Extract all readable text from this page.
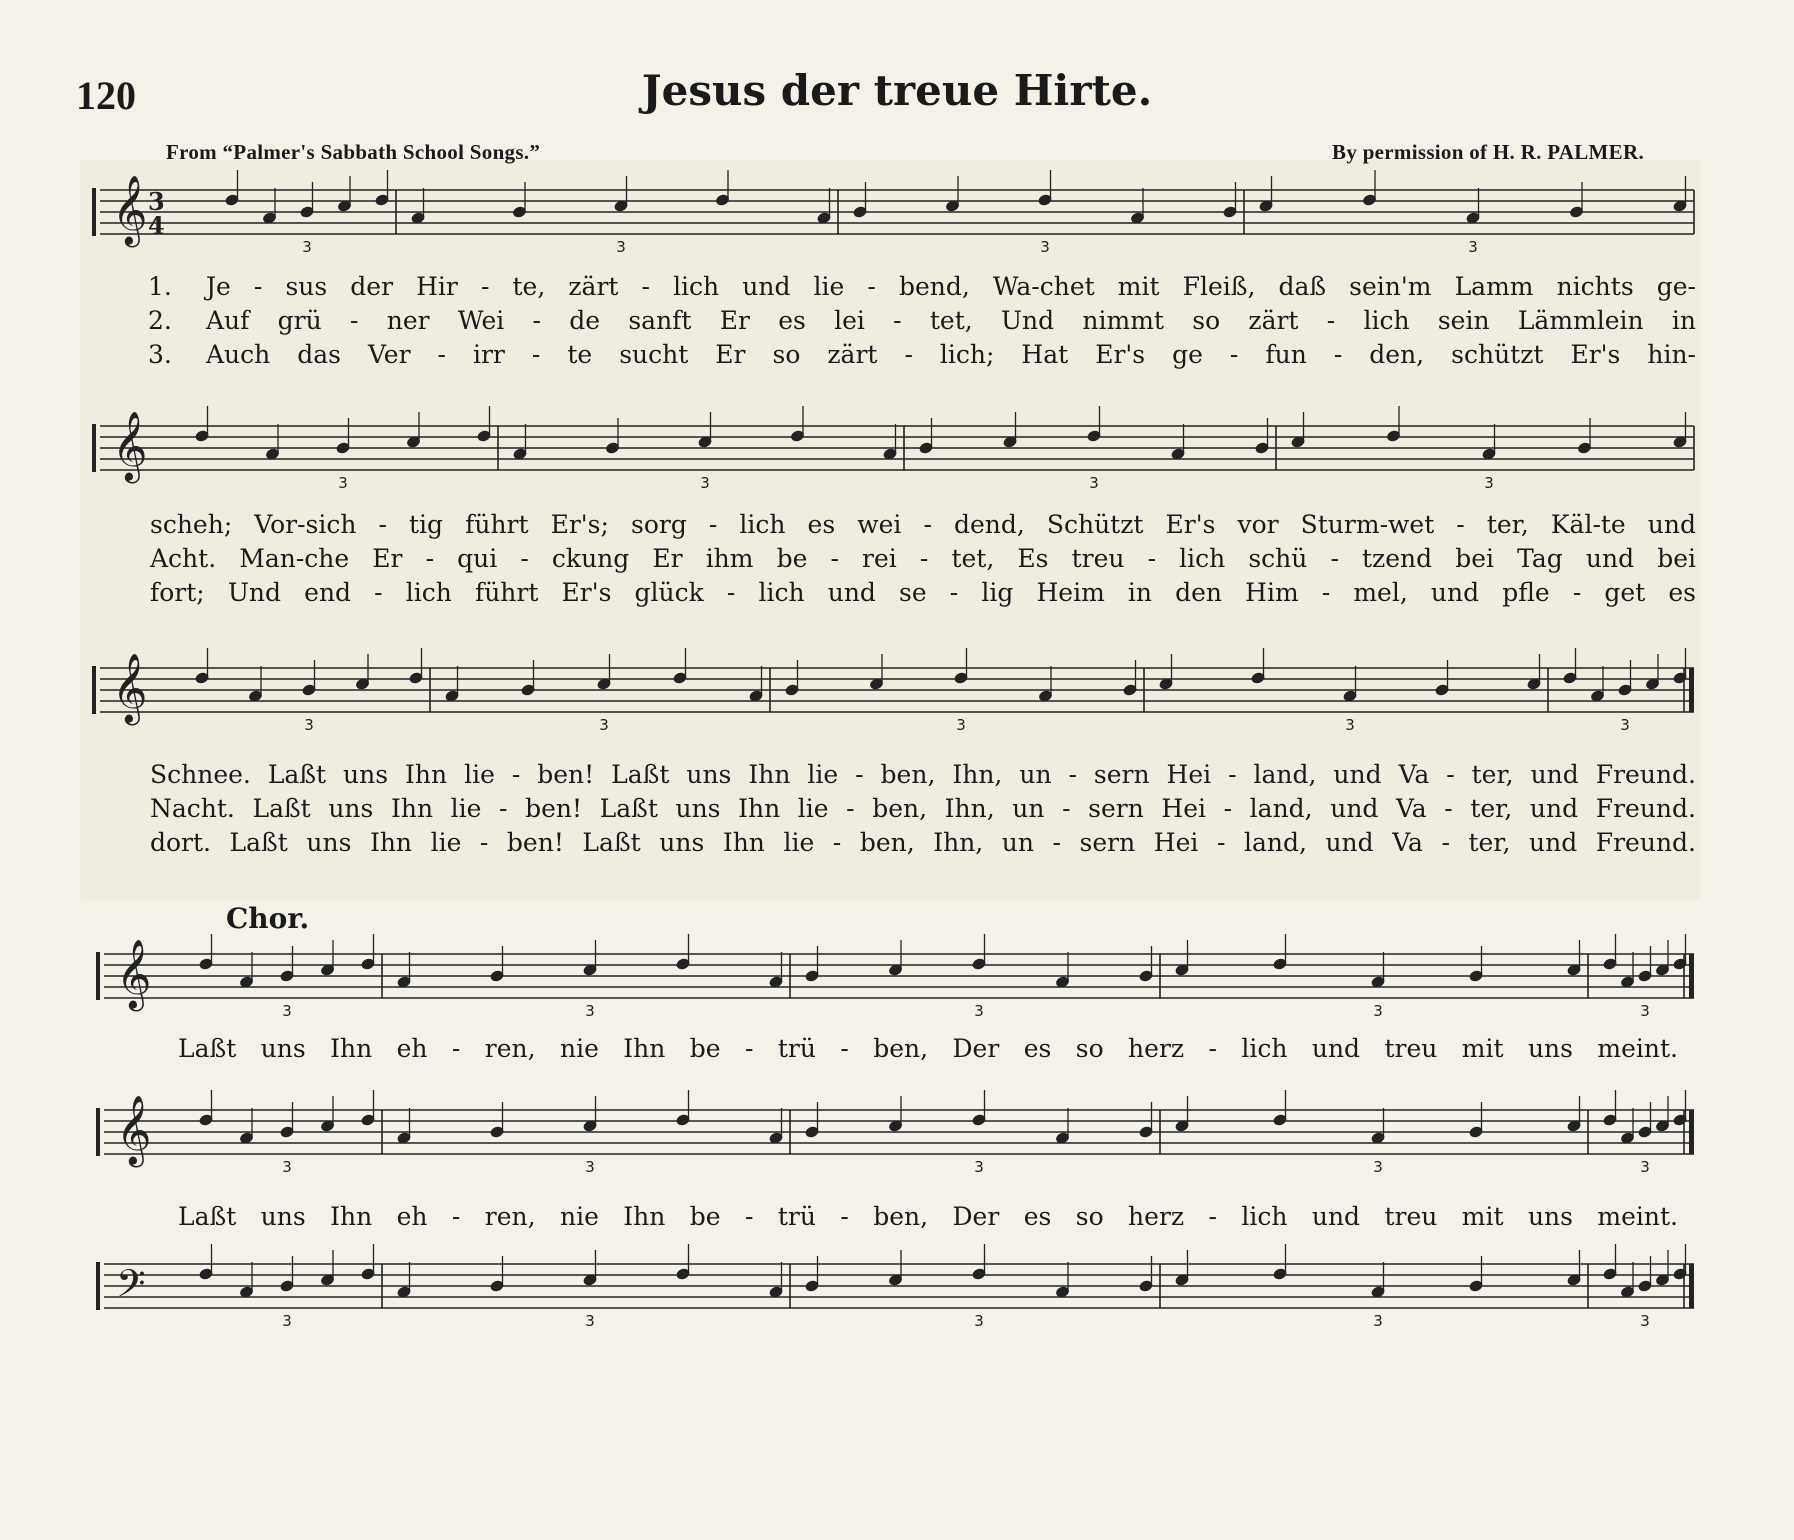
120	Jesus der treue Hirte.
From “Palmer's Sabbath School Songs.”	By permission of H. R. PALMER.
𝄞 3
4
3	3	3	3
1. Je - sus der Hir - te, zärt - lich und lie - bend, Wa-chet mit Fleiß, daß sein'm Lamm nichts ge-
2. Auf grü - ner Wei - de sanft Er es lei - tet, Und nimmt so zärt - lich sein Lämmlein in
3. Auch das Ver - irr - te sucht Er so zärt - lich; Hat Er's ge - fun - den, schützt Er's hin-
𝄞
3	3	3	3
scheh; Vor-sich - tig führt Er's; sorg - lich es wei - dend, Schützt Er's vor Sturm-wet - ter, Käl-te und
Acht. Man-che Er - qui - ckung Er ihm be - rei - tet, Es treu - lich schü - tzend bei Tag und bei
fort; Und end - lich führt Er's glück - lich und se - lig Heim in den Him - mel, und pfle - get es
𝄞
3	3	3	3	3
Schnee. Laßt uns Ihn lie - ben! Laßt uns Ihn lie - ben, Ihn, un - sern Hei - land, und Va - ter, und Freund.
Nacht. Laßt uns Ihn lie - ben! Laßt uns Ihn lie - ben, Ihn, un - sern Hei - land, und Va - ter, und Freund.
dort. Laßt uns Ihn lie - ben! Laßt uns Ihn lie - ben, Ihn, un - sern Hei - land, und Va - ter, und Freund.
Chor.
𝄞
3	3	3	3	3
Laßt uns Ihn eh - ren, nie Ihn be - trü - ben, Der es so herz - lich und treu mit uns meint.
𝄞
3	3	3	3	3
Laßt uns Ihn eh - ren, nie Ihn be - trü - ben, Der es so herz - lich und treu mit uns meint.
𝄢
3	3	3	3	3
